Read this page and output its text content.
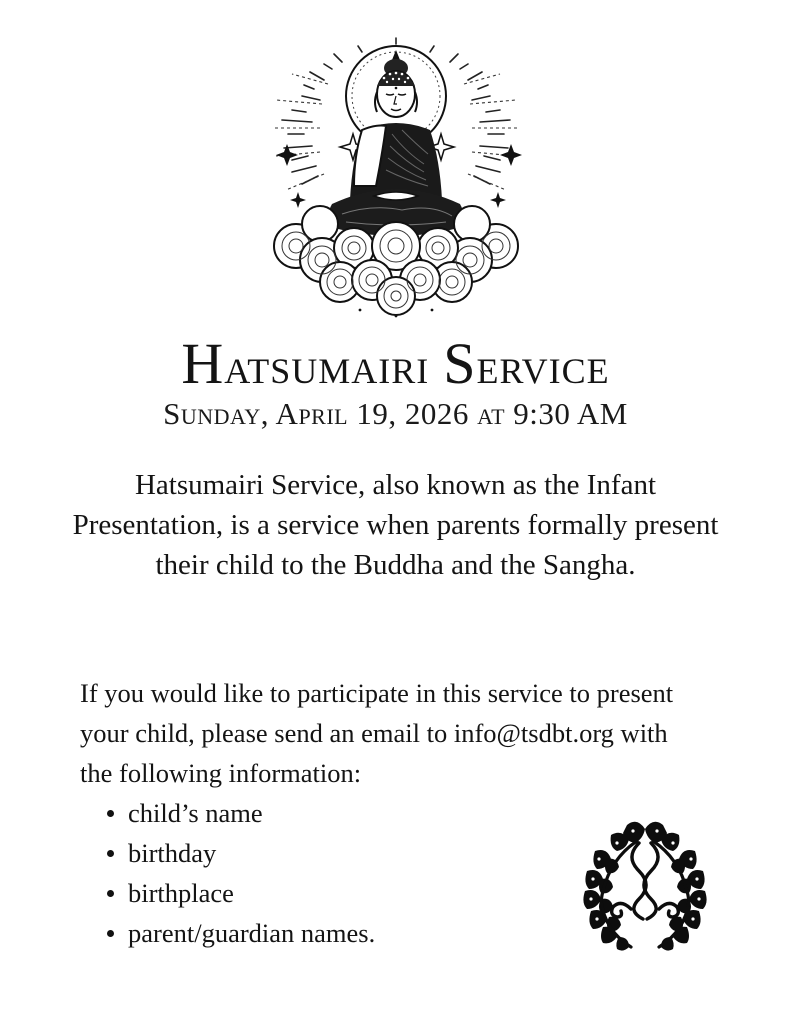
Hatsumairi Service

Sunday, April 19, 2026 at 9:30 AM

Hatsumairi Service, also known as the Infant Presentation, is a service when parents formally present their child to the Buddha and the Sangha.

If you would like to participate in this service to present your child, please send an email to info@tsdbt.org with the following information:

child’s name
birthday
birthplace
parent/guardian names.
